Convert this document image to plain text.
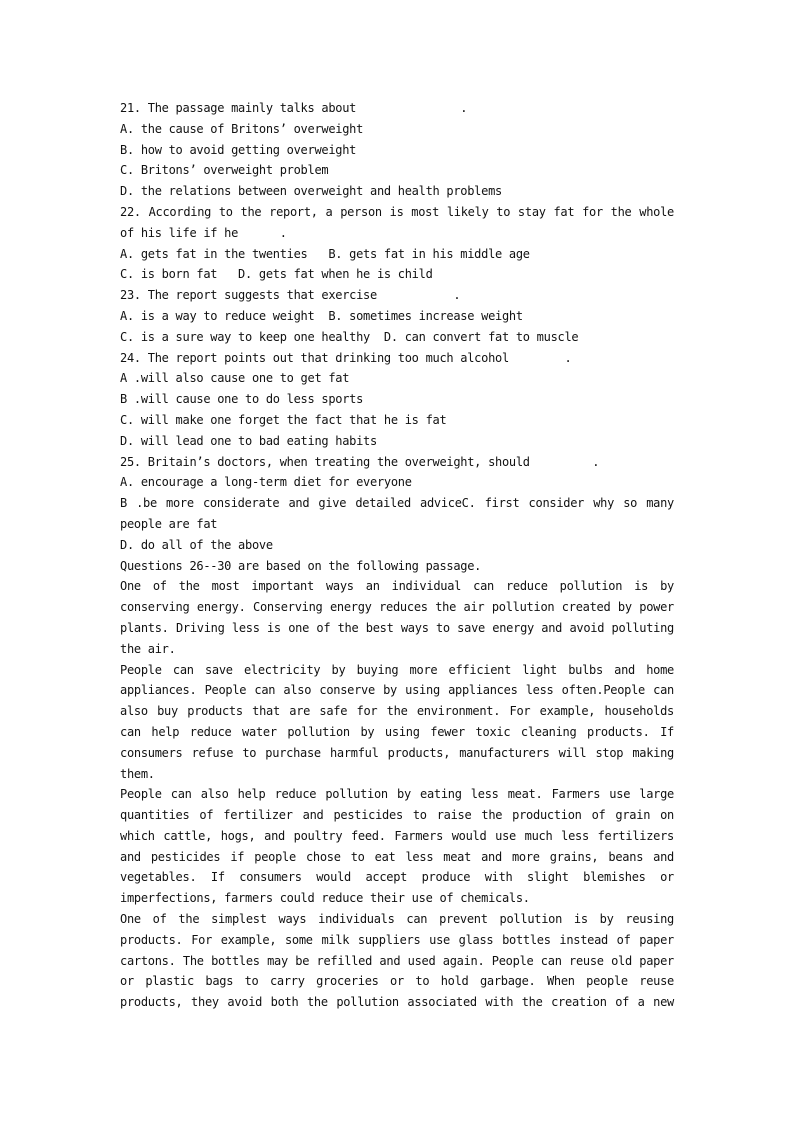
21. The passage mainly talks about               .
A. the cause of Britons’ overweight
B. how to avoid getting overweight
C. Britons’ overweight problem
D. the relations between overweight and health problems
22. According to the report, a person is most likely to stay fat for the whole
of his life if he      .
A. gets fat in the twenties   B. gets fat in his middle age
C. is born fat   D. gets fat when he is child
23. The report suggests that exercise           .
A. is a way to reduce weight  B. sometimes increase weight
C. is a sure way to keep one healthy  D. can convert fat to muscle
24. The report points out that drinking too much alcohol        .
A .will also cause one to get fat
B .will cause one to do less sports
C. will make one forget the fact that he is fat
D. will lead one to bad eating habits
25. Britain’s doctors, when treating the overweight, should         .
A. encourage a long-term diet for everyone
B .be more considerate and give detailed adviceC. first consider why so many
people are fat
D. do all of the above
Questions 26--30 are based on the following passage.
One of the most important ways an individual can reduce pollution is by
conserving energy. Conserving energy reduces the air pollution created by power
plants. Driving less is one of the best ways to save energy and avoid polluting
the air.
People can save electricity by buying more efficient light bulbs and home
appliances. People can also conserve by using appliances less often.People can
also buy products that are safe for the environment. For example, households
can help reduce water pollution by using fewer toxic cleaning products. If
consumers refuse to purchase harmful products, manufacturers will stop making
them.
People can also help reduce pollution by eating less meat. Farmers use large
quantities of fertilizer and pesticides to raise the production of grain on
which cattle, hogs, and poultry feed. Farmers would use much less fertilizers
and pesticides if people chose to eat less meat and more grains, beans and
vegetables. If consumers would accept produce with slight blemishes or
imperfections, farmers could reduce their use of chemicals.
One of the simplest ways individuals can prevent pollution is by reusing
products. For example, some milk suppliers use glass bottles instead of paper
cartons. The bottles may be refilled and used again. People can reuse old paper
or plastic bags to carry groceries or to hold garbage. When people reuse
products, they avoid both the pollution associated with the creation of a new
